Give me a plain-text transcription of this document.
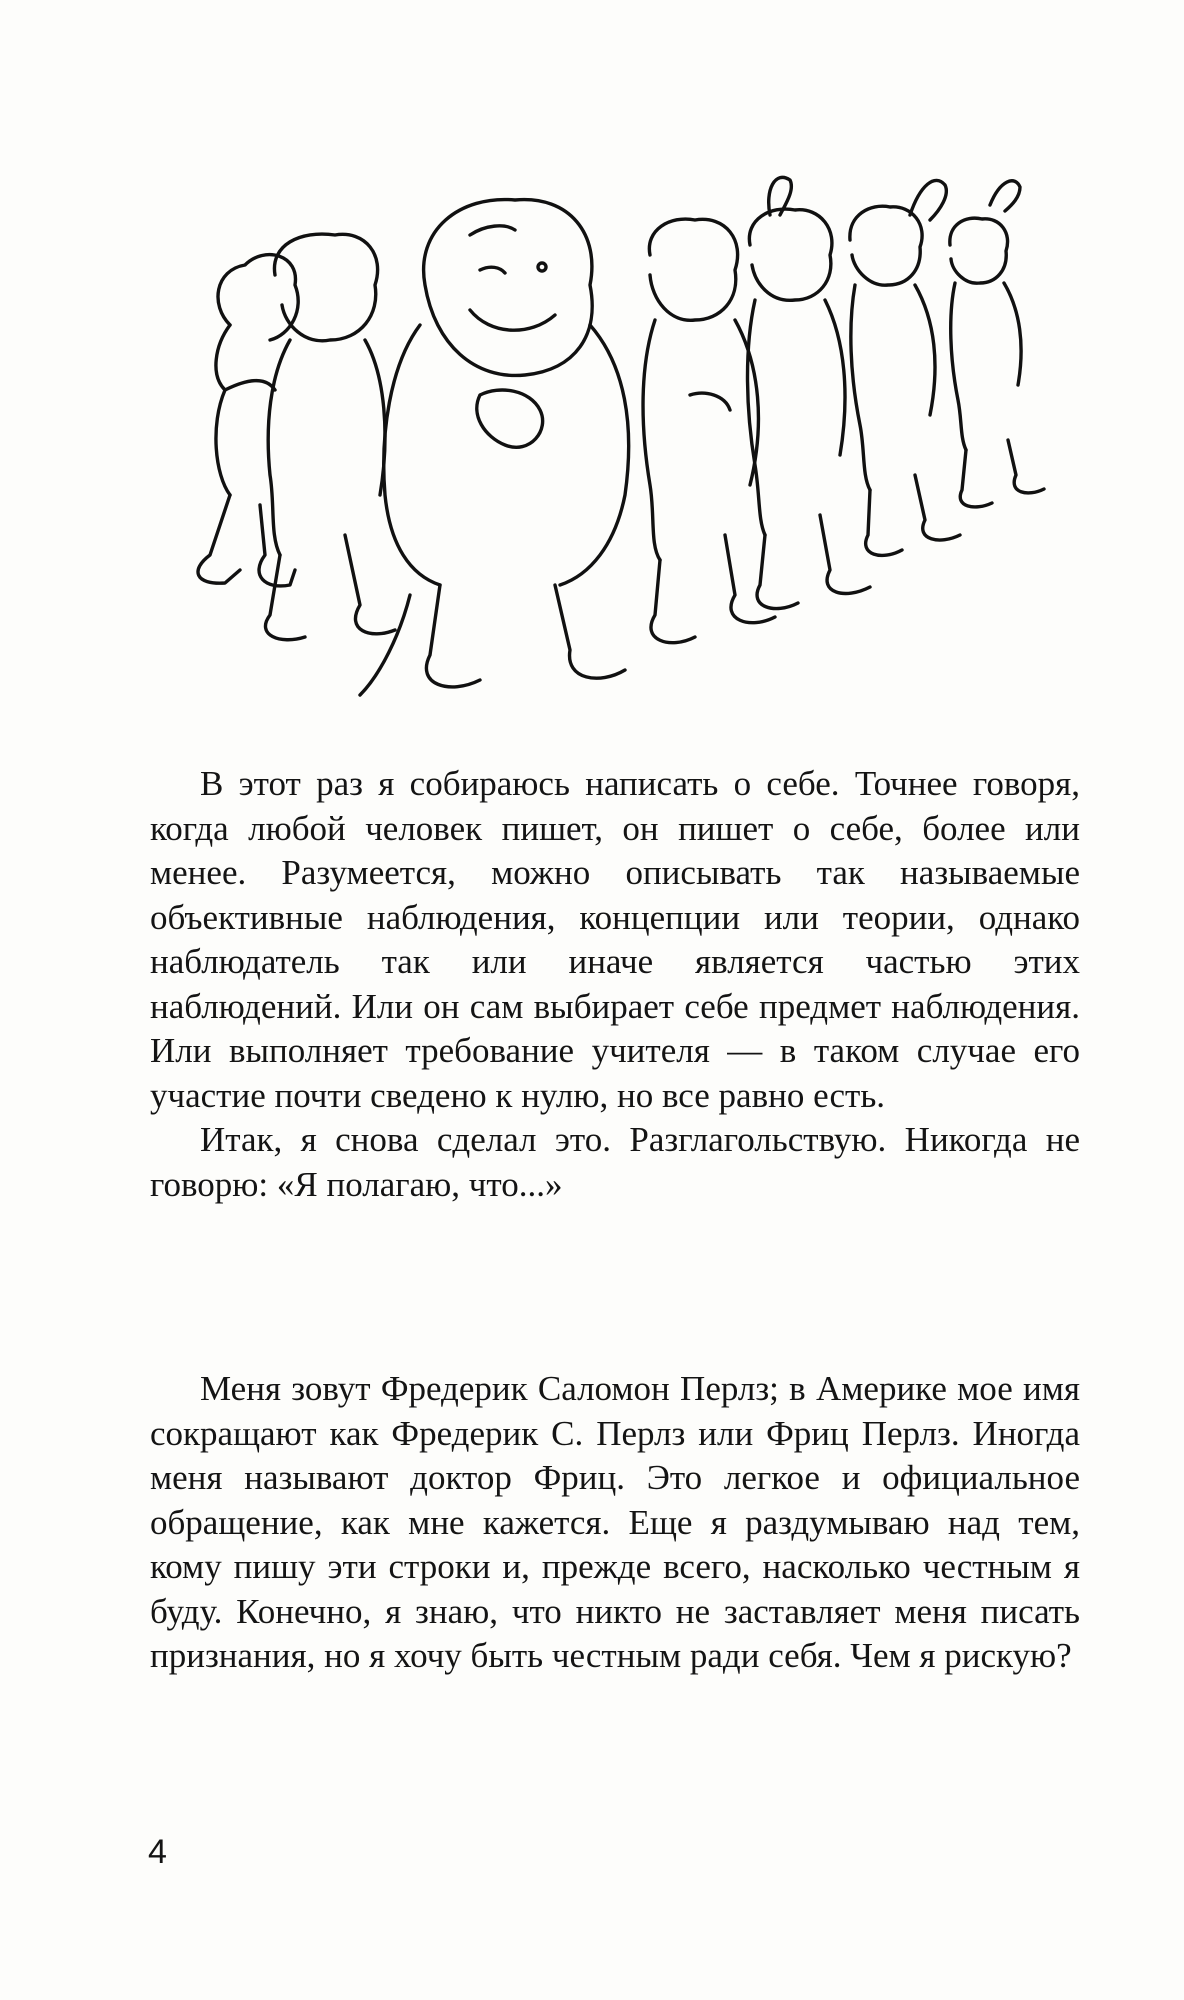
В этот раз я собираюсь написать о себе. Точнее говоря, когда любой человек пишет, он пишет о себе, более или менее. Разумеется, можно описывать так называемые объективные наблюдения, концепции или теории, однако наблюдатель так или иначе является частью этих наблюдений. Или он сам выбирает себе предмет наблюдения. Или выполняет требование учителя — в таком случае его участие почти сведено к нулю, но все равно есть.

Итак, я снова сделал это. Разглагольствую. Никогда не говорю: «Я полагаю, что...»

Меня зовут Фредерик Саломон Перлз; в Америке мое имя сокращают как Фредерик С. Перлз или Фриц Перлз. Иногда меня называют доктор Фриц. Это легкое и официальное обращение, как мне кажется. Еще я раздумываю над тем, кому пишу эти строки и, прежде всего, насколько честным я буду. Конечно, я знаю, что никто не заставляет меня писать признания, но я хочу быть честным ради себя. Чем я рискую?

4
